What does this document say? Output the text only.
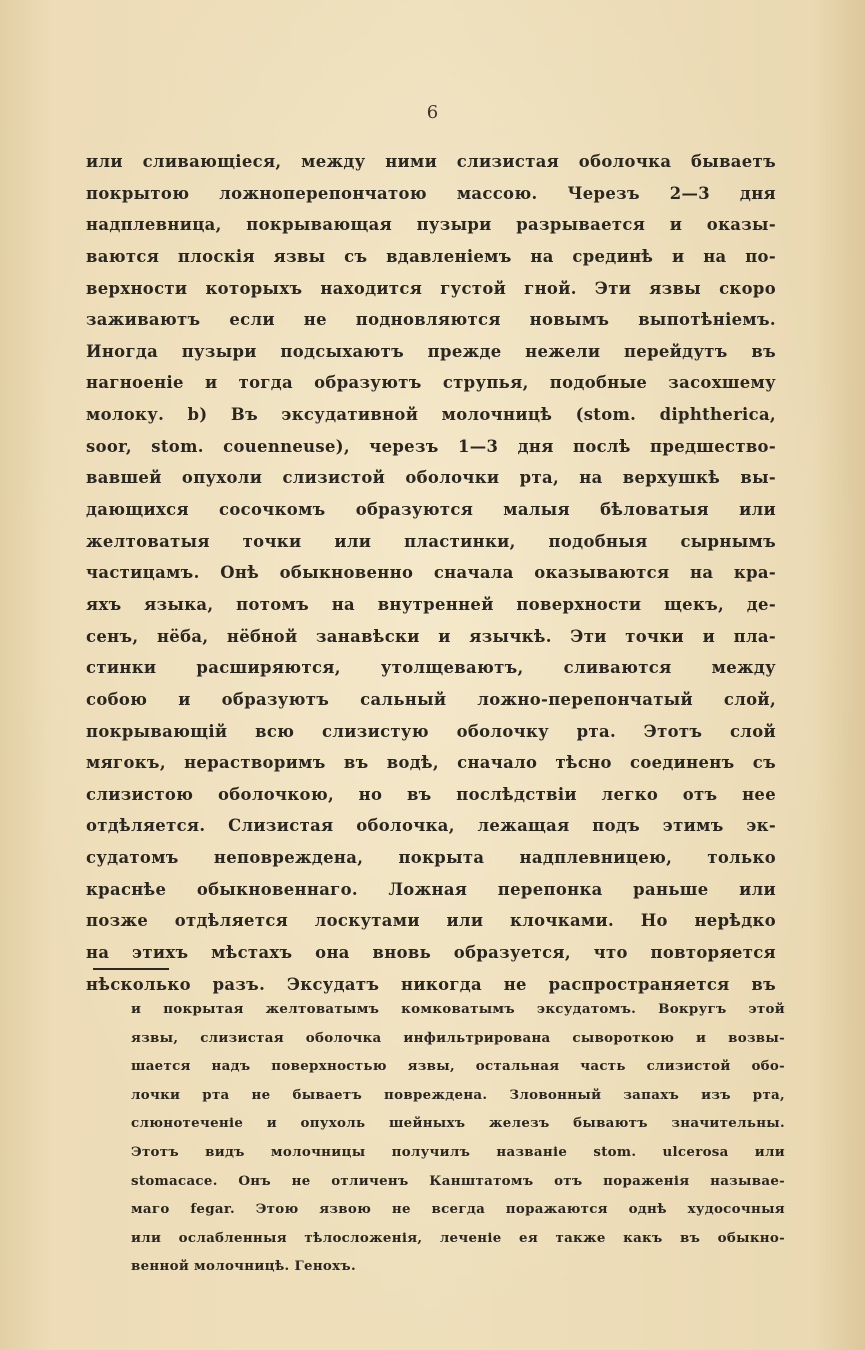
6
или сливающіеся, между ними слизистая оболочка бываетъ
покрытою ложноперепончатою массою. Черезъ 2—3 дня
надплевница, покрывающая пузыри разрывается и оказы-
ваются плоскія язвы съ вдавленіемъ на срединѣ и на по-
верхности которыхъ находится густой гной. Эти язвы скоро
заживаютъ если не подновляются новымъ выпотѣніемъ.
Иногда пузыри подсыхаютъ прежде нежели перейдутъ въ
нагноеніе и тогда образуютъ струпья, подобные засохшему
молоку. b) Въ эксудативной молочницѣ (stom. diphtherica,
soor, stom. couenneuse), черезъ 1—3 дня послѣ предшество-
вавшей опухоли слизистой оболочки рта, на верхушкѣ вы-
дающихся сосочкомъ образуются малыя бѣловатыя или
желтоватыя точки или пластинки, подобныя сырнымъ
частицамъ. Онѣ обыкновенно сначала оказываются на кра-
яхъ языка, потомъ на внутренней поверхности щекъ, де-
сенъ, нёба, нёбной занавѣски и язычкѣ. Эти точки и пла-
стинки расширяются, утолщеваютъ, сливаются между
собою и образуютъ сальный ложно-перепончатый слой,
покрывающій всю слизистую оболочку рта. Этотъ слой
мягокъ, нерастворимъ въ водѣ, сначало тѣсно соединенъ съ
слизистою оболочкою, но въ послѣдствіи легко отъ нее
отдѣляется. Слизистая оболочка, лежащая подъ этимъ эк-
судатомъ неповреждена, покрыта надплевницею, только
краснѣе обыкновеннаго. Ложная перепонка раньше или
позже отдѣляется лоскутами или клочками. Но нерѣдко
на этихъ мѣстахъ она вновь образуется, что повторяется
нѣсколько разъ. Эксудатъ никогда не распространяется въ
и покрытая желтоватымъ комковатымъ эксудатомъ. Вокругъ этой
язвы, слизистая оболочка инфильтрирована сывороткою и возвы-
шается надъ поверхностью язвы, остальная часть слизистой обо-
лочки рта не бываетъ повреждена. Зловонный запахъ изъ рта,
слюнотеченіе и опухоль шейныхъ железъ бываютъ значительны.
Этотъ видъ молочницы получилъ названіе stom. ulcerosa или
stomacace. Онъ не отличенъ Канштатомъ отъ пораженія называе-
маго fegar. Этою язвою не всегда поражаются однѣ худосочныя
или ослабленныя тѣлосложенія, леченіе ея также какъ въ обыкно-
венной молочницѣ. Генохъ.
